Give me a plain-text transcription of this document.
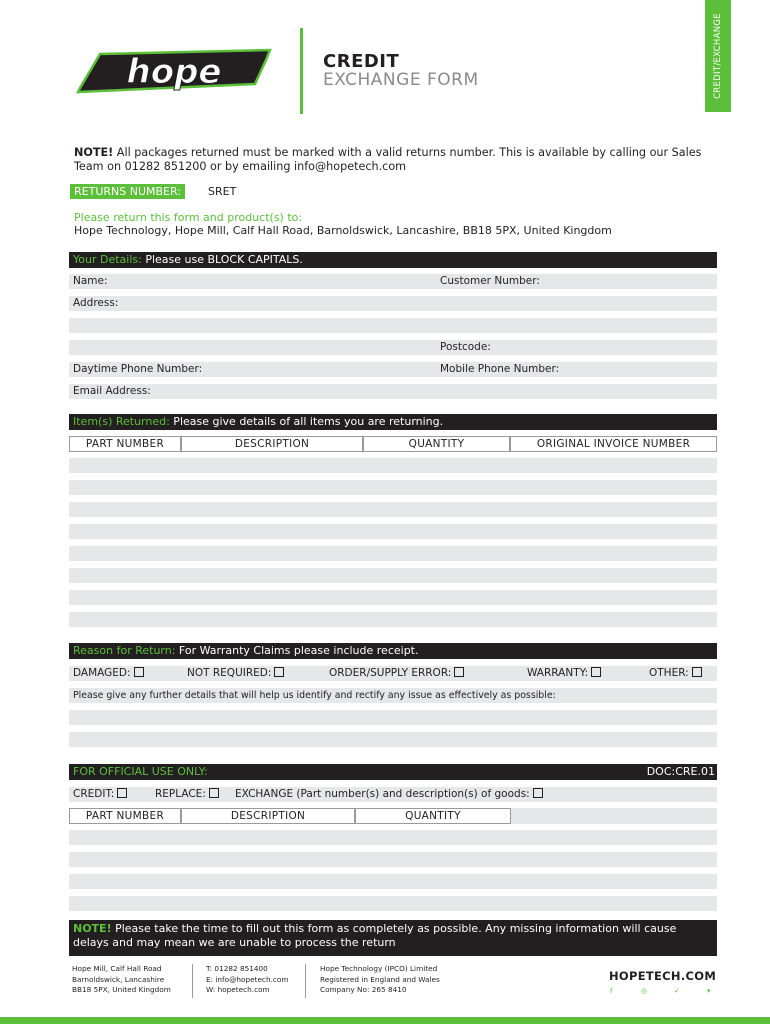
hope	CREDIT
EXCHANGE FORM	CREDIT/EXCHANGE
NOTE! All packages returned must be marked with a valid returns number. This is available by calling our Sales Team on 01282 851200 or by emailing info@hopetech.com
RETURNS NUMBER:	SRET
Please return this form and product(s) to:
Hope Technology, Hope Mill, Calf Hall Road, Barnoldswick, Lancashire, BB18 5PX, United Kingdom
Your Details: Please use BLOCK CAPITALS.
Name:	Customer Number:
Address:
Postcode:
Daytime Phone Number:	Mobile Phone Number:
Email Address:
Item(s) Returned: Please give details of all items you are returning.
PART NUMBER	DESCRIPTION	QUANTITY	ORIGINAL INVOICE NUMBER
Reason for Return: For Warranty Claims please include receipt.
DAMAGED:	NOT REQUIRED:	ORDER/SUPPLY ERROR:	WARRANTY:	OTHER:
Please give any further details that will help us identify and rectify any issue as effectively as possible:
FOR OFFICIAL USE ONLY:	DOC:CRE.01
CREDIT:	REPLACE:	EXCHANGE (Part number(s) and description(s) of goods:
PART NUMBER	DESCRIPTION	QUANTITY
NOTE! Please take the time to fill out this form as completely as possible. Any missing information will cause delays and may mean we are unable to process the return
Hope Mill, Calf Hall Road
Barnoldswick, Lancashire
BB18 5PX, United Kingdom
T: 01282 851400
E: info@hopetech.com
W: hopetech.com
Hope Technology (IPCO) Limited
Registered in England and Wales
Company No: 265 8410
HOPETECH.COM
f	◎	✓	▾
